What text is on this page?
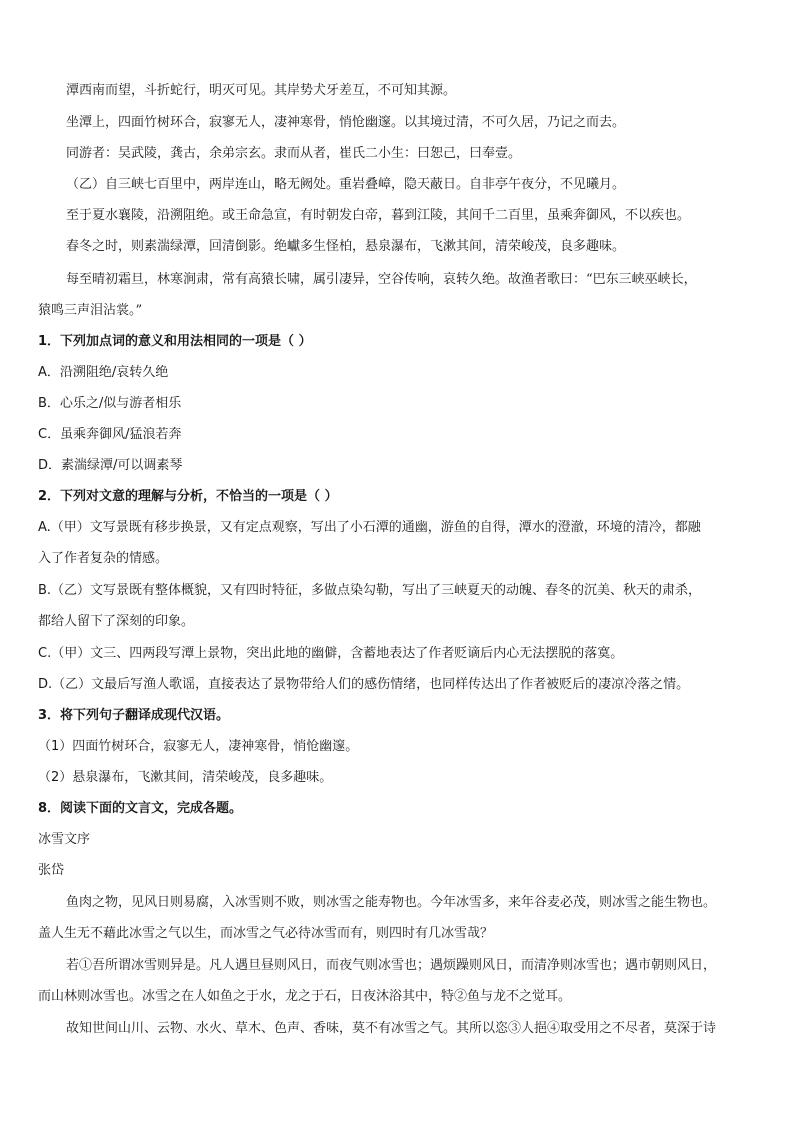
潭西南而望，斗折蛇行，明灭可见。其岸势犬牙差互，不可知其源。

坐潭上，四面竹树环合，寂寥无人，凄神寒骨，悄怆幽邃。以其境过清，不可久居，乃记之而去。

同游者：吴武陵，龚古，余弟宗玄。隶而从者，崔氏二小生：曰恕己，曰奉壹。

（乙）自三峡七百里中，两岸连山，略无阙处。重岩叠嶂，隐天蔽日。自非亭午夜分，不见曦月。

至于夏水襄陵，沿溯阻绝。或王命急宣，有时朝发白帝，暮到江陵，其间千二百里，虽乘奔御风，不以疾也。

春冬之时，则素湍绿潭，回清倒影。绝巘多生怪柏，悬泉瀑布，飞漱其间，清荣峻茂，良多趣味。

每至晴初霜旦，林寒涧肃，常有高猿长啸，属引凄异，空谷传响，哀转久绝。故渔者歌曰：“巴东三峡巫峡长，

猿鸣三声泪沾裳。”

1．下列加点词的意义和用法相同的一项是（ ）

A．沿溯阻绝/哀转久绝

B．心乐之/似与游者相乐

C．虽乘奔御风/猛浪若奔

D．素湍绿潭/可以调素琴

2．下列对文意的理解与分析，不恰当的一项是（ ）

A.（甲）文写景既有移步换景，又有定点观察，写出了小石潭的通幽，游鱼的自得，潭水的澄澈，环境的清冷，都融

入了作者复杂的情感。

B.（乙）文写景既有整体概貌，又有四时特征，多做点染勾勒，写出了三峡夏天的动魄、春冬的沉美、秋天的肃杀，

都给人留下了深刻的印象。

C.（甲）文三、四两段写潭上景物，突出此地的幽僻，含蓄地表达了作者贬谪后内心无法摆脱的落寞。

D.（乙）文最后写渔人歌谣，直接表达了景物带给人们的感伤情绪，也同样传达出了作者被贬后的凄凉冷落之情。

3．将下列句子翻译成现代汉语。

（1）四面竹树环合，寂寥无人，凄神寒骨，悄怆幽邃。

（2）悬泉瀑布，飞漱其间，清荣峻茂，良多趣味。

8．阅读下面的文言文，完成各题。

冰雪文序

张岱

鱼肉之物，见风日则易腐，入冰雪则不败，则冰雪之能寿物也。今年冰雪多，来年谷麦必茂，则冰雪之能生物也。

盖人生无不藉此冰雪之气以生，而冰雪之气必待冰雪而有，则四时有几冰雪哉？

若①吾所谓冰雪则异是。凡人遇旦昼则风日，而夜气则冰雪也；遇烦躁则风日，而清净则冰雪也；遇市朝则风日，

而山林则冰雪也。冰雪之在人如鱼之于水，龙之于石，日夜沐浴其中，特②鱼与龙不之觉耳。

故知世间山川、云物、水火、草木、色声、香味，莫不有冰雪之气。其所以恣③人挹④取受用之不尽者，莫深于诗
